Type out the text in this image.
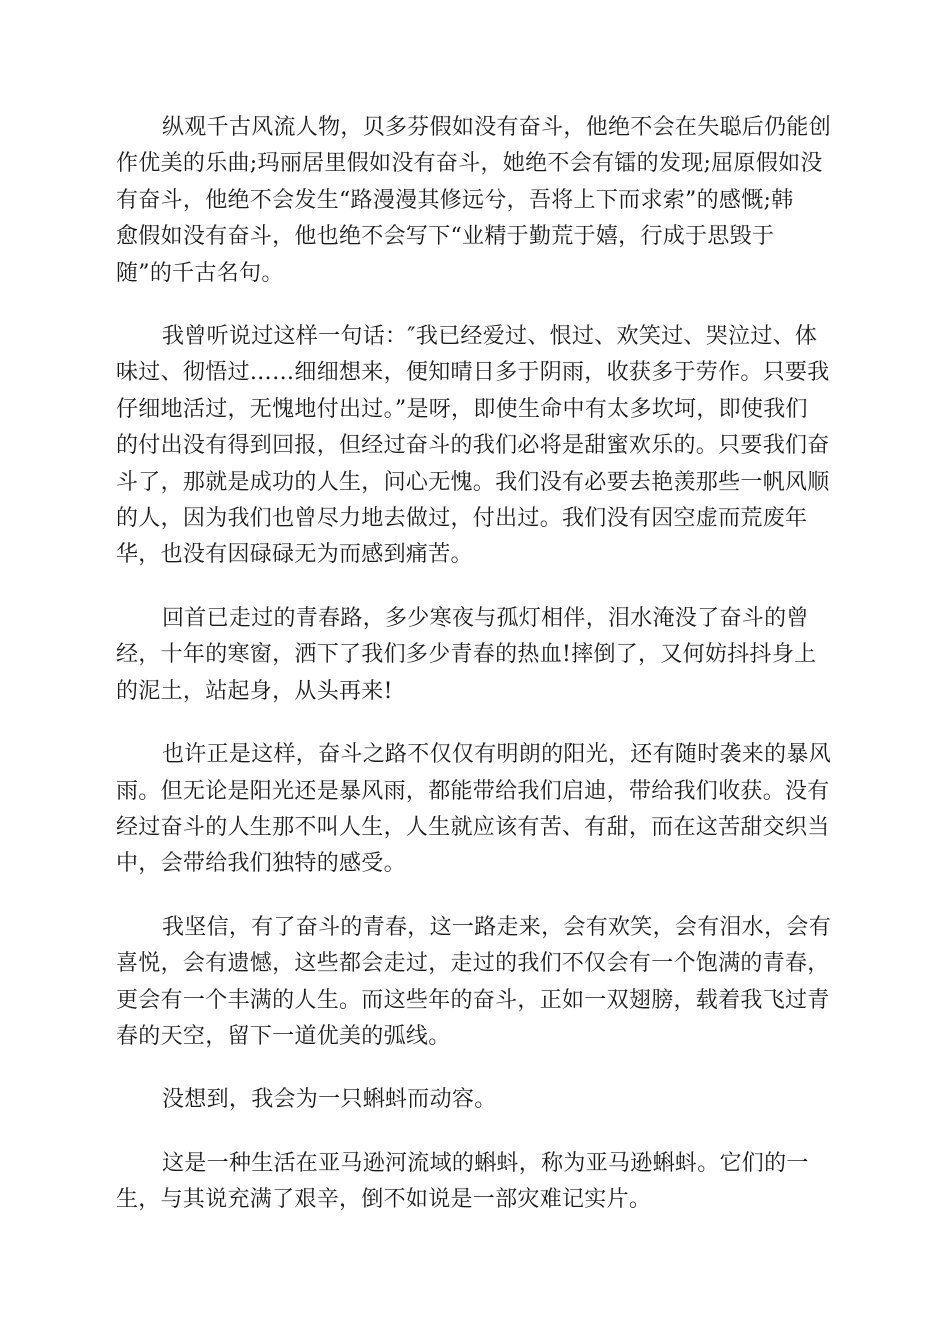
纵观千古风流人物，贝多芬假如没有奋斗，他绝不会在失聪后仍能创
作优美的乐曲;玛丽居里假如没有奋斗，她绝不会有镭的发现;屈原假如没
有奋斗，他绝不会发生“路漫漫其修远兮，吾将上下而求索”的感慨;韩
愈假如没有奋斗，他也绝不会写下“业精于勤荒于嬉，行成于思毁于
随”的千古名句。

我曾听说过这样一句话：″我已经爱过、恨过、欢笑过、哭泣过、体
味过、彻悟过……细细想来，便知晴日多于阴雨，收获多于劳作。只要我
仔细地活过，无愧地付出过。”是呀，即使生命中有太多坎坷，即使我们
的付出没有得到回报，但经过奋斗的我们必将是甜蜜欢乐的。只要我们奋
斗了，那就是成功的人生，问心无愧。我们没有必要去艳羡那些一帆风顺
的人，因为我们也曾尽力地去做过，付出过。我们没有因空虚而荒废年
华，也没有因碌碌无为而感到痛苦。

回首已走过的青春路，多少寒夜与孤灯相伴，泪水淹没了奋斗的曾
经，十年的寒窗，洒下了我们多少青春的热血!摔倒了，又何妨抖抖身上
的泥土，站起身，从头再来!

也许正是这样，奋斗之路不仅仅有明朗的阳光，还有随时袭来的暴风
雨。但无论是阳光还是暴风雨，都能带给我们启迪，带给我们收获。没有
经过奋斗的人生那不叫人生，人生就应该有苦、有甜，而在这苦甜交织当
中，会带给我们独特的感受。

我坚信，有了奋斗的青春，这一路走来，会有欢笑，会有泪水，会有
喜悦，会有遗憾，这些都会走过，走过的我们不仅会有一个饱满的青春，
更会有一个丰满的人生。而这些年的奋斗，正如一双翅膀，载着我飞过青
春的天空，留下一道优美的弧线。

没想到，我会为一只蝌蚪而动容。

这是一种生活在亚马逊河流域的蝌蚪，称为亚马逊蝌蚪。它们的一
生，与其说充满了艰辛，倒不如说是一部灾难记实片。
